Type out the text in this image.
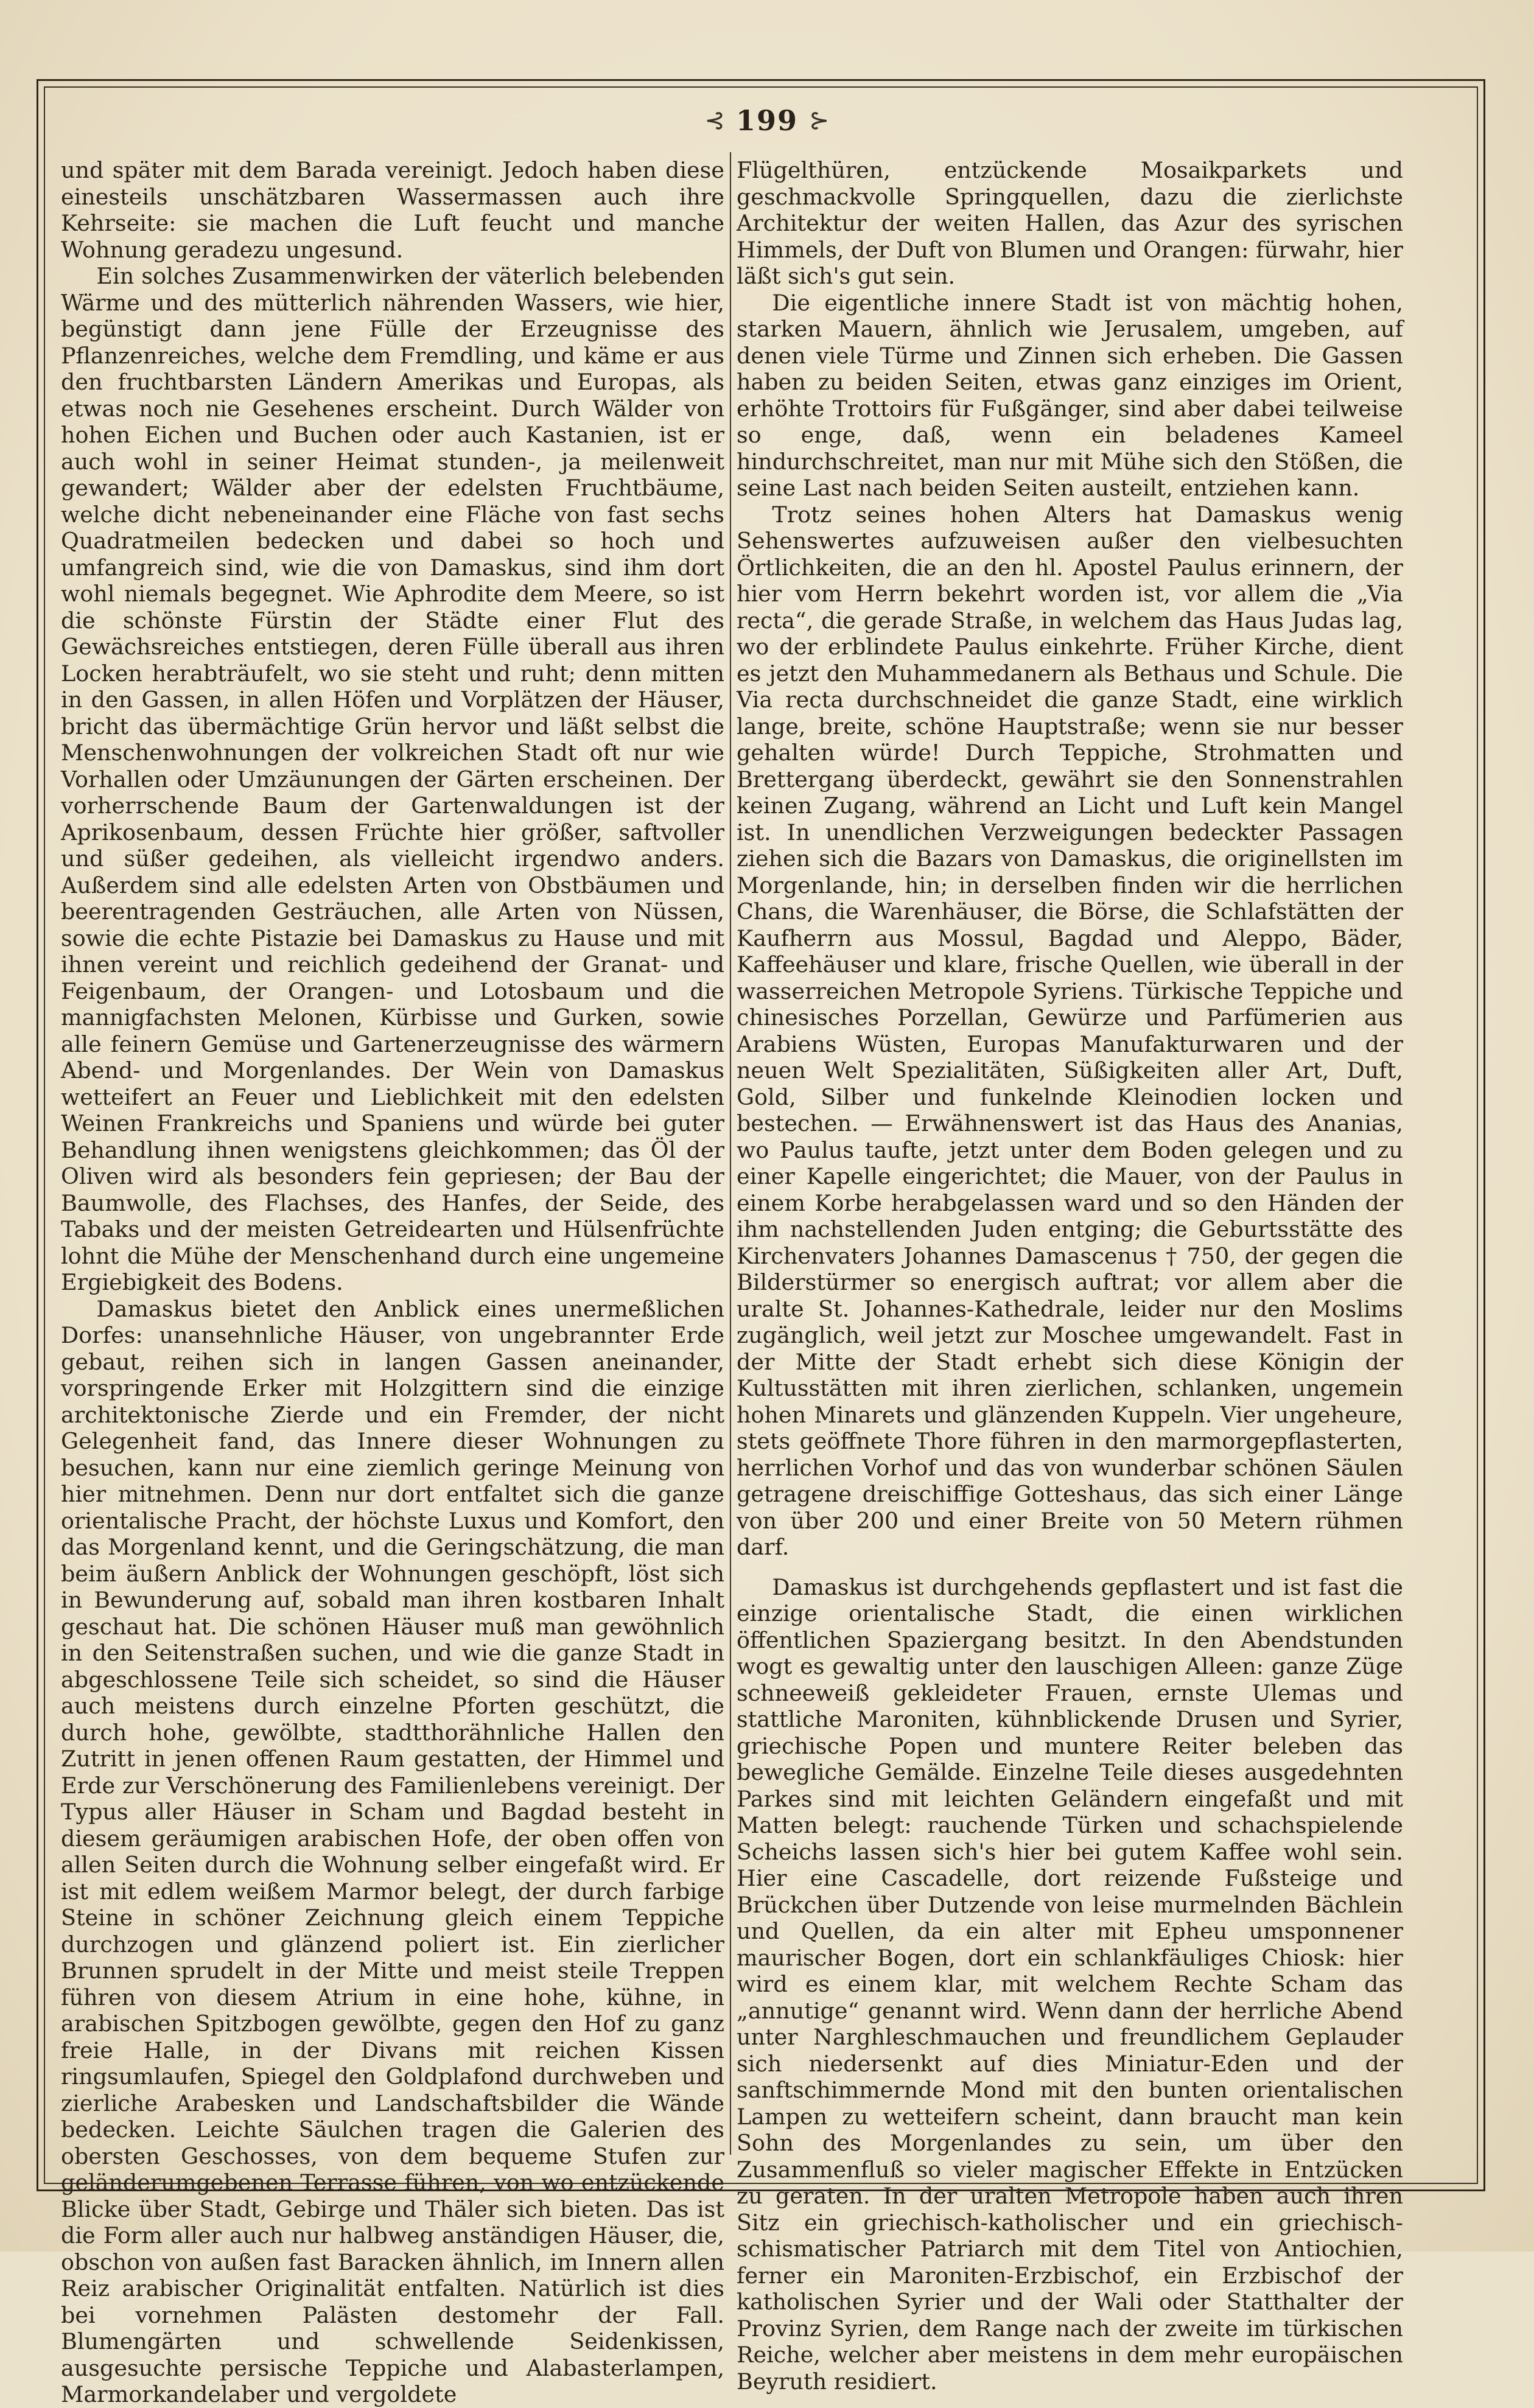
⊰ 199 ⊱

und später mit dem Barada vereinigt. Jedoch haben diese einesteils unschätzbaren Wassermassen auch ihre Kehrseite: sie machen die Luft feucht und manche Wohnung geradezu ungesund.

Ein solches Zusammenwirken der väterlich belebenden Wärme und des mütterlich nährenden Wassers, wie hier, begünstigt dann jene Fülle der Erzeugnisse des Pflanzenreiches, welche dem Fremdling, und käme er aus den fruchtbarsten Ländern Amerikas und Europas, als etwas noch nie Gesehenes erscheint. Durch Wälder von hohen Eichen und Buchen oder auch Kastanien, ist er auch wohl in seiner Heimat stunden-, ja meilenweit gewandert; Wälder aber der edelsten Fruchtbäume, welche dicht nebeneinander eine Fläche von fast sechs Quadratmeilen bedecken und dabei so hoch und umfangreich sind, wie die von Damaskus, sind ihm dort wohl niemals begegnet. Wie Aphrodite dem Meere, so ist die schönste Fürstin der Städte einer Flut des Gewächsreiches entstiegen, deren Fülle überall aus ihren Locken herabträufelt, wo sie steht und ruht; denn mitten in den Gassen, in allen Höfen und Vorplätzen der Häuser, bricht das übermächtige Grün hervor und läßt selbst die Menschenwohnungen der volkreichen Stadt oft nur wie Vorhallen oder Umzäunungen der Gärten erscheinen. Der vorherrschende Baum der Gartenwaldungen ist der Aprikosenbaum, dessen Früchte hier größer, saftvoller und süßer gedeihen, als vielleicht irgendwo anders. Außerdem sind alle edelsten Arten von Obstbäumen und beerentragenden Gesträuchen, alle Arten von Nüssen, sowie die echte Pistazie bei Damaskus zu Hause und mit ihnen vereint und reichlich gedeihend der Granat- und Feigenbaum, der Orangen- und Lotosbaum und die mannigfachsten Melonen, Kürbisse und Gurken, sowie alle feinern Gemüse und Gartenerzeugnisse des wärmern Abend- und Morgenlandes. Der Wein von Damaskus wetteifert an Feuer und Lieblichkeit mit den edelsten Weinen Frankreichs und Spaniens und würde bei guter Behandlung ihnen wenigstens gleichkommen; das Öl der Oliven wird als besonders fein gepriesen; der Bau der Baumwolle, des Flachses, des Hanfes, der Seide, des Tabaks und der meisten Getreidearten und Hülsenfrüchte lohnt die Mühe der Menschenhand durch eine ungemeine Ergiebigkeit des Bodens.

Damaskus bietet den Anblick eines unermeßlichen Dorfes: unansehnliche Häuser, von ungebrannter Erde gebaut, reihen sich in langen Gassen aneinander, vorspringende Erker mit Holzgittern sind die einzige architektonische Zierde und ein Fremder, der nicht Gelegenheit fand, das Innere dieser Wohnungen zu besuchen, kann nur eine ziemlich geringe Meinung von hier mitnehmen. Denn nur dort entfaltet sich die ganze orientalische Pracht, der höchste Luxus und Komfort, den das Morgenland kennt, und die Geringschätzung, die man beim äußern Anblick der Wohnungen geschöpft, löst sich in Bewunderung auf, sobald man ihren kostbaren Inhalt geschaut hat. Die schönen Häuser muß man gewöhnlich in den Seitenstraßen suchen, und wie die ganze Stadt in abgeschlossene Teile sich scheidet, so sind die Häuser auch meistens durch einzelne Pforten geschützt, die durch hohe, gewölbte, stadtthorähnliche Hallen den Zutritt in jenen offenen Raum gestatten, der Himmel und Erde zur Verschönerung des Familienlebens vereinigt. Der Typus aller Häuser in Scham und Bagdad besteht in diesem geräumigen arabischen Hofe, der oben offen von allen Seiten durch die Wohnung selber eingefaßt wird. Er ist mit edlem weißem Marmor belegt, der durch farbige Steine in schöner Zeichnung gleich einem Teppiche durchzogen und glänzend poliert ist. Ein zierlicher Brunnen sprudelt in der Mitte und meist steile Treppen führen von diesem Atrium in eine hohe, kühne, in arabischen Spitzbogen gewölbte, gegen den Hof zu ganz freie Halle, in der Divans mit reichen Kissen ringsumlaufen, Spiegel den Goldplafond durchweben und zierliche Arabesken und Landschaftsbilder die Wände bedecken. Leichte Säulchen tragen die Galerien des obersten Geschosses, von dem bequeme Stufen zur geländerumgebenen Terrasse führen, von wo entzückende Blicke über Stadt, Gebirge und Thäler sich bieten. Das ist die Form aller auch nur halbweg anständigen Häuser, die, obschon von außen fast Baracken ähnlich, im Innern allen Reiz arabischer Originalität entfalten. Natürlich ist dies bei vornehmen Palästen destomehr der Fall. Blumengärten und schwellende Seidenkissen, ausgesuchte persische Teppiche und Alabasterlampen, Marmorkandelaber und vergoldete

Flügelthüren, entzückende Mosaikparkets und geschmackvolle Springquellen, dazu die zierlichste Architektur der weiten Hallen, das Azur des syrischen Himmels, der Duft von Blumen und Orangen: fürwahr, hier läßt sich's gut sein.

Die eigentliche innere Stadt ist von mächtig hohen, starken Mauern, ähnlich wie Jerusalem, umgeben, auf denen viele Türme und Zinnen sich erheben. Die Gassen haben zu beiden Seiten, etwas ganz einziges im Orient, erhöhte Trottoirs für Fußgänger, sind aber dabei teilweise so enge, daß, wenn ein beladenes Kameel hindurchschreitet, man nur mit Mühe sich den Stößen, die seine Last nach beiden Seiten austeilt, entziehen kann.

Trotz seines hohen Alters hat Damaskus wenig Sehenswertes aufzuweisen außer den vielbesuchten Örtlichkeiten, die an den hl. Apostel Paulus erinnern, der hier vom Herrn bekehrt worden ist, vor allem die „Via recta“, die gerade Straße, in welchem das Haus Judas lag, wo der erblindete Paulus einkehrte. Früher Kirche, dient es jetzt den Muhammedanern als Bethaus und Schule. Die Via recta durchschneidet die ganze Stadt, eine wirklich lange, breite, schöne Hauptstraße; wenn sie nur besser gehalten würde! Durch Teppiche, Strohmatten und Brettergang überdeckt, gewährt sie den Sonnenstrahlen keinen Zugang, während an Licht und Luft kein Mangel ist. In unendlichen Verzweigungen bedeckter Passagen ziehen sich die Bazars von Damaskus, die originellsten im Morgenlande, hin; in derselben finden wir die herrlichen Chans, die Warenhäuser, die Börse, die Schlafstätten der Kaufherrn aus Mossul, Bagdad und Aleppo, Bäder, Kaffeehäuser und klare, frische Quellen, wie überall in der wasserreichen Metropole Syriens. Türkische Teppiche und chinesisches Porzellan, Gewürze und Parfümerien aus Arabiens Wüsten, Europas Manufakturwaren und der neuen Welt Spezialitäten, Süßigkeiten aller Art, Duft, Gold, Silber und funkelnde Kleinodien locken und bestechen. — Erwähnenswert ist das Haus des Ananias, wo Paulus taufte, jetzt unter dem Boden gelegen und zu einer Kapelle eingerichtet; die Mauer, von der Paulus in einem Korbe herabgelassen ward und so den Händen der ihm nachstellenden Juden entging; die Geburtsstätte des Kirchenvaters Johannes Damascenus † 750, der gegen die Bilderstürmer so energisch auftrat; vor allem aber die uralte St. Johannes-Kathedrale, leider nur den Moslims zugänglich, weil jetzt zur Moschee umgewandelt. Fast in der Mitte der Stadt erhebt sich diese Königin der Kultusstätten mit ihren zierlichen, schlanken, ungemein hohen Minarets und glänzenden Kuppeln. Vier ungeheure, stets geöffnete Thore führen in den marmorgepflasterten, herrlichen Vorhof und das von wunderbar schönen Säulen getragene dreischiffige Gotteshaus, das sich einer Länge von über 200 und einer Breite von 50 Metern rühmen darf.

Damaskus ist durchgehends gepflastert und ist fast die einzige orientalische Stadt, die einen wirklichen öffentlichen Spaziergang besitzt. In den Abendstunden wogt es gewaltig unter den lauschigen Alleen: ganze Züge schneeweiß gekleideter Frauen, ernste Ulemas und stattliche Maroniten, kühnblickende Drusen und Syrier, griechische Popen und muntere Reiter beleben das bewegliche Gemälde. Einzelne Teile dieses ausgedehnten Parkes sind mit leichten Geländern eingefaßt und mit Matten belegt: rauchende Türken und schachspielende Scheichs lassen sich's hier bei gutem Kaffee wohl sein. Hier eine Cascadelle, dort reizende Fußsteige und Brückchen über Dutzende von leise murmelnden Bächlein und Quellen, da ein alter mit Epheu umsponnener maurischer Bogen, dort ein schlankfäuliges Chiosk: hier wird es einem klar, mit welchem Rechte Scham das „annutige“ genannt wird. Wenn dann der herrliche Abend unter Narghleschmauchen und freundlichem Geplauder sich niedersenkt auf dies Miniatur-Eden und der sanftschimmernde Mond mit den bunten orientalischen Lampen zu wetteifern scheint, dann braucht man kein Sohn des Morgenlandes zu sein, um über den Zusammenfluß so vieler magischer Effekte in Entzücken zu geraten. In der uralten Metropole haben auch ihren Sitz ein griechisch-katholischer und ein griechisch-schismatischer Patriarch mit dem Titel von Antiochien, ferner ein Maroniten-Erzbischof, ein Erzbischof der katholischen Syrier und der Wali oder Statthalter der Provinz Syrien, dem Range nach der zweite im türkischen Reiche, welcher aber meistens in dem mehr europäischen Beyruth residiert.
